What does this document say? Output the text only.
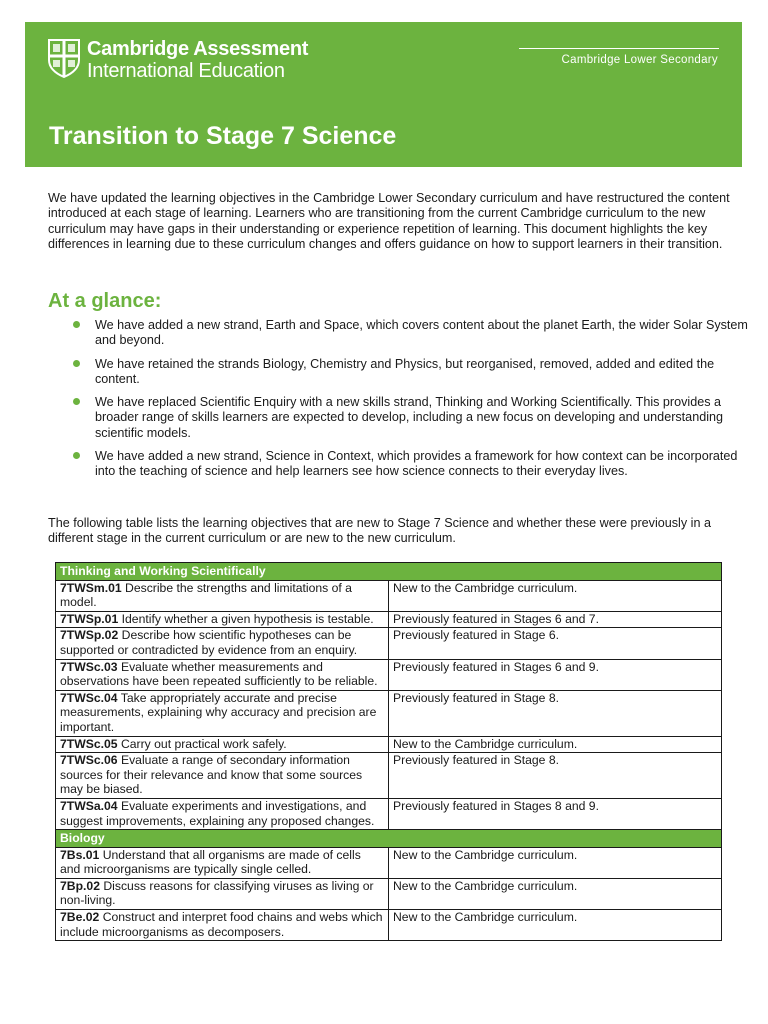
Cambridge Assessment
International Education	Cambridge Lower Secondary
Transition to Stage 7 Science

We have updated the learning objectives in the Cambridge Lower Secondary curriculum and have restructured the content introduced at each stage of learning. Learners who are transitioning from the current Cambridge curriculum to the new curriculum may have gaps in their understanding or experience repetition of learning. This document highlights the key differences in learning due to these curriculum changes and offers guidance on how to support learners in their transition.

At a glance:
We have added a new strand, Earth and Space, which covers content about the planet Earth, the wider Solar System and beyond.
We have retained the strands Biology, Chemistry and Physics, but reorganised, removed, added and edited the content.
We have replaced Scientific Enquiry with a new skills strand, Thinking and Working Scientifically. This provides a broader range of skills learners are expected to develop, including a new focus on developing and understanding scientific models.
We have added a new strand, Science in Context, which provides a framework for how context can be incorporated into the teaching of science and help learners see how science connects to their everyday lives.

The following table lists the learning objectives that are new to Stage 7 Science and whether these were previously in a different stage in the current curriculum or are new to the new curriculum.

Thinking and Working Scientifically	
7TWSm.01 Describe the strengths and limitations of a model.	New to the Cambridge curriculum.
7TWSp.01 Identify whether a given hypothesis is testable.	Previously featured in Stages 6 and 7.
7TWSp.02 Describe how scientific hypotheses can be supported or contradicted by evidence from an enquiry.	Previously featured in Stage 6.
7TWSc.03 Evaluate whether measurements and observations have been repeated sufficiently to be reliable.	Previously featured in Stages 6 and 9.
7TWSc.04 Take appropriately accurate and precise measurements, explaining why accuracy and precision are important.	Previously featured in Stage 8.
7TWSc.05 Carry out practical work safely.	New to the Cambridge curriculum.
7TWSc.06 Evaluate a range of secondary information sources for their relevance and know that some sources may be biased.	Previously featured in Stage 8.
7TWSa.04 Evaluate experiments and investigations, and suggest improvements, explaining any proposed changes.	Previously featured in Stages 8 and 9.
Biology	
7Bs.01 Understand that all organisms are made of cells and microorganisms are typically single celled.	New to the Cambridge curriculum.
7Bp.02 Discuss reasons for classifying viruses as living or non-living.	New to the Cambridge curriculum.
7Be.02 Construct and interpret food chains and webs which include microorganisms as decomposers.	New to the Cambridge curriculum.
